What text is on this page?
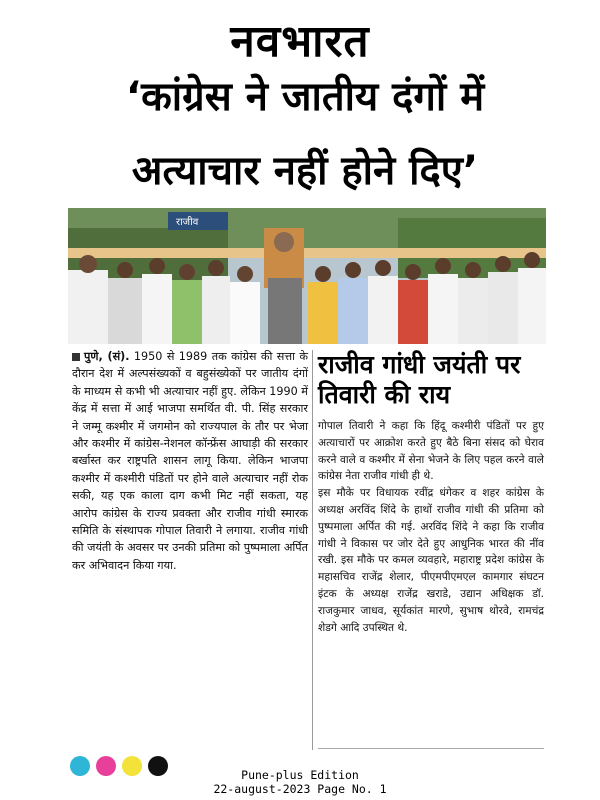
नवभारत
‘कांग्रेस ने जातीय दंगों में
अत्याचार नहीं होने दिए’
राजीव
पुणे, (सं). 1950 से 1989 तक कांग्रेस की सत्ता के दौरान देश में अल्पसंख्यकों व बहुसंख्येकों पर जातीय दंगों के माध्यम से कभी भी अत्याचार नहीं हुए. लेकिन 1990 में केंद्र में सत्ता में आई भाजपा समर्थित वी. पी. सिंह सरकार ने जम्मू कश्मीर में जगमोन को राज्यपाल के तौर पर भेजा और कश्मीर में कांग्रेस-नेशनल कॉन्फ्रेंस आघाड़ी की सरकार बर्खास्त कर राष्ट्रपति शासन लागू किया. लेकिन भाजपा कश्मीर में कश्मीरी पंडितों पर होने वाले अत्याचार नहीं रोक सकी, यह एक काला दाग कभी मिट नहीं सकता, यह आरोप कांग्रेस के राज्य प्रवक्ता और राजीव गांधी स्मारक समिति के संस्थापक गोपाल तिवारी ने लगाया. राजीव गांधी की जयंती के अवसर पर उनकी प्रतिमा को पुष्पमाला अर्पित कर अभिवादन किया गया.
राजीव गांधी जयंती पर तिवारी की राय

गोपाल तिवारी ने कहा कि हिंदू कश्मीरी पंडितों पर हुए अत्याचारों पर आक्रोश करते हुए बैठे बिना संसद को घेराव करने वाले व कश्मीर में सेना भेजने के लिए पहल करने वाले कांग्रेस नेता राजीव गांधी ही थे.

इस मौके पर विधायक रवींद्र धंगेकर व शहर कांग्रेस के अध्यक्ष अरविंद शिंदे के हाथों राजीव गांधी की प्रतिमा को पुष्पमाला अर्पित की गई. अरविंद शिंदे ने कहा कि राजीव गांधी ने विकास पर जोर देते हुए आधुनिक भारत की नींव रखी. इस मौके पर कमल व्यवहारे, महाराष्ट्र प्रदेश कांग्रेस के महासचिव राजेंद्र शेलार, पीएमपीएमएल कामगार संघटन इंटक के अध्यक्ष राजेंद्र खराडे, उद्यान अधिक्षक डॉ. राजकुमार जाधव, सूर्यकांत मारणे, सुभाष थोरवे, रामचंद्र शेडगे आदि उपस्थित थे.

Pune-plus Edition
22-august-2023 Page No. 1
